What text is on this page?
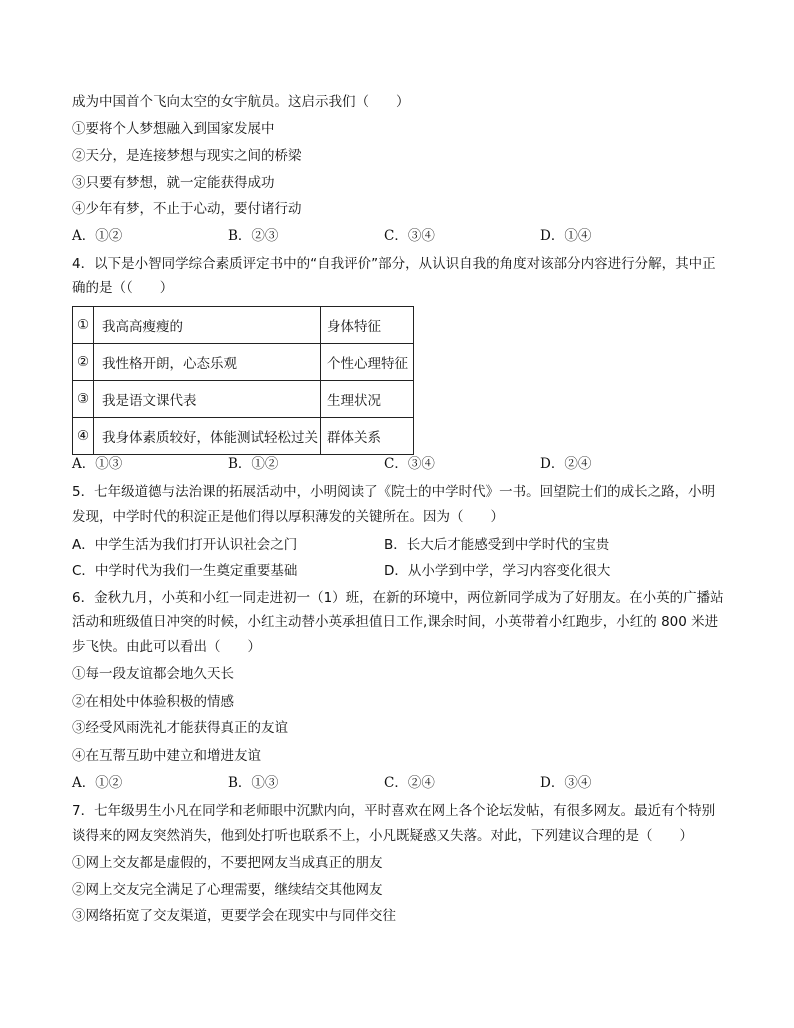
成为中国首个飞向太空的女宇航员。这启示我们（　　）
①要将个人梦想融入到国家发展中
②天分，是连接梦想与现实之间的桥梁
③只要有梦想，就一定能获得成功
④少年有梦，不止于心动，要付诸行动
A．①②	B．②③	C．③④	D．①④
4．以下是小智同学综合素质评定书中的“自我评价”部分，从认识自我的角度对该部分内容进行分解，其中正
确的是（（　　）
①	我高高瘦瘦的	身体特征
②	我性格开朗，心态乐观	个性心理特征
③	我是语文课代表	生理状况
④	我身体素质较好，体能测试轻松过关	群体关系
A．①③	B．①②	C．③④	D．②④
5．七年级道德与法治课的拓展活动中，小明阅读了《院士的中学时代》一书。回望院士们的成长之路，小明
发现，中学时代的积淀正是他们得以厚积薄发的关键所在。因为（　　）
A．中学生活为我们打开认识社会之门	B．长大后才能感受到中学时代的宝贵
C．中学时代为我们一生奠定重要基础	D．从小学到中学，学习内容变化很大
6．金秋九月，小英和小红一同走进初一（1）班，在新的环境中，两位新同学成为了好朋友。在小英的广播站
活动和班级值日冲突的时候，小红主动替小英承担值日工作,课余时间，小英带着小红跑步，小红的 800 米进
步飞快。由此可以看出（　　）
①每一段友谊都会地久天长
②在相处中体验积极的情感
③经受风雨洗礼才能获得真正的友谊
④在互帮互助中建立和增进友谊
A．①②	B．①③	C．②④	D．③④
7．七年级男生小凡在同学和老师眼中沉默内向，平时喜欢在网上各个论坛发帖，有很多网友。最近有个特别
谈得来的网友突然消失，他到处打听也联系不上，小凡既疑惑又失落。对此，下列建议合理的是（　　）
①网上交友都是虚假的，不要把网友当成真正的朋友
②网上交友完全满足了心理需要，继续结交其他网友
③网络拓宽了交友渠道，更要学会在现实中与同伴交往
